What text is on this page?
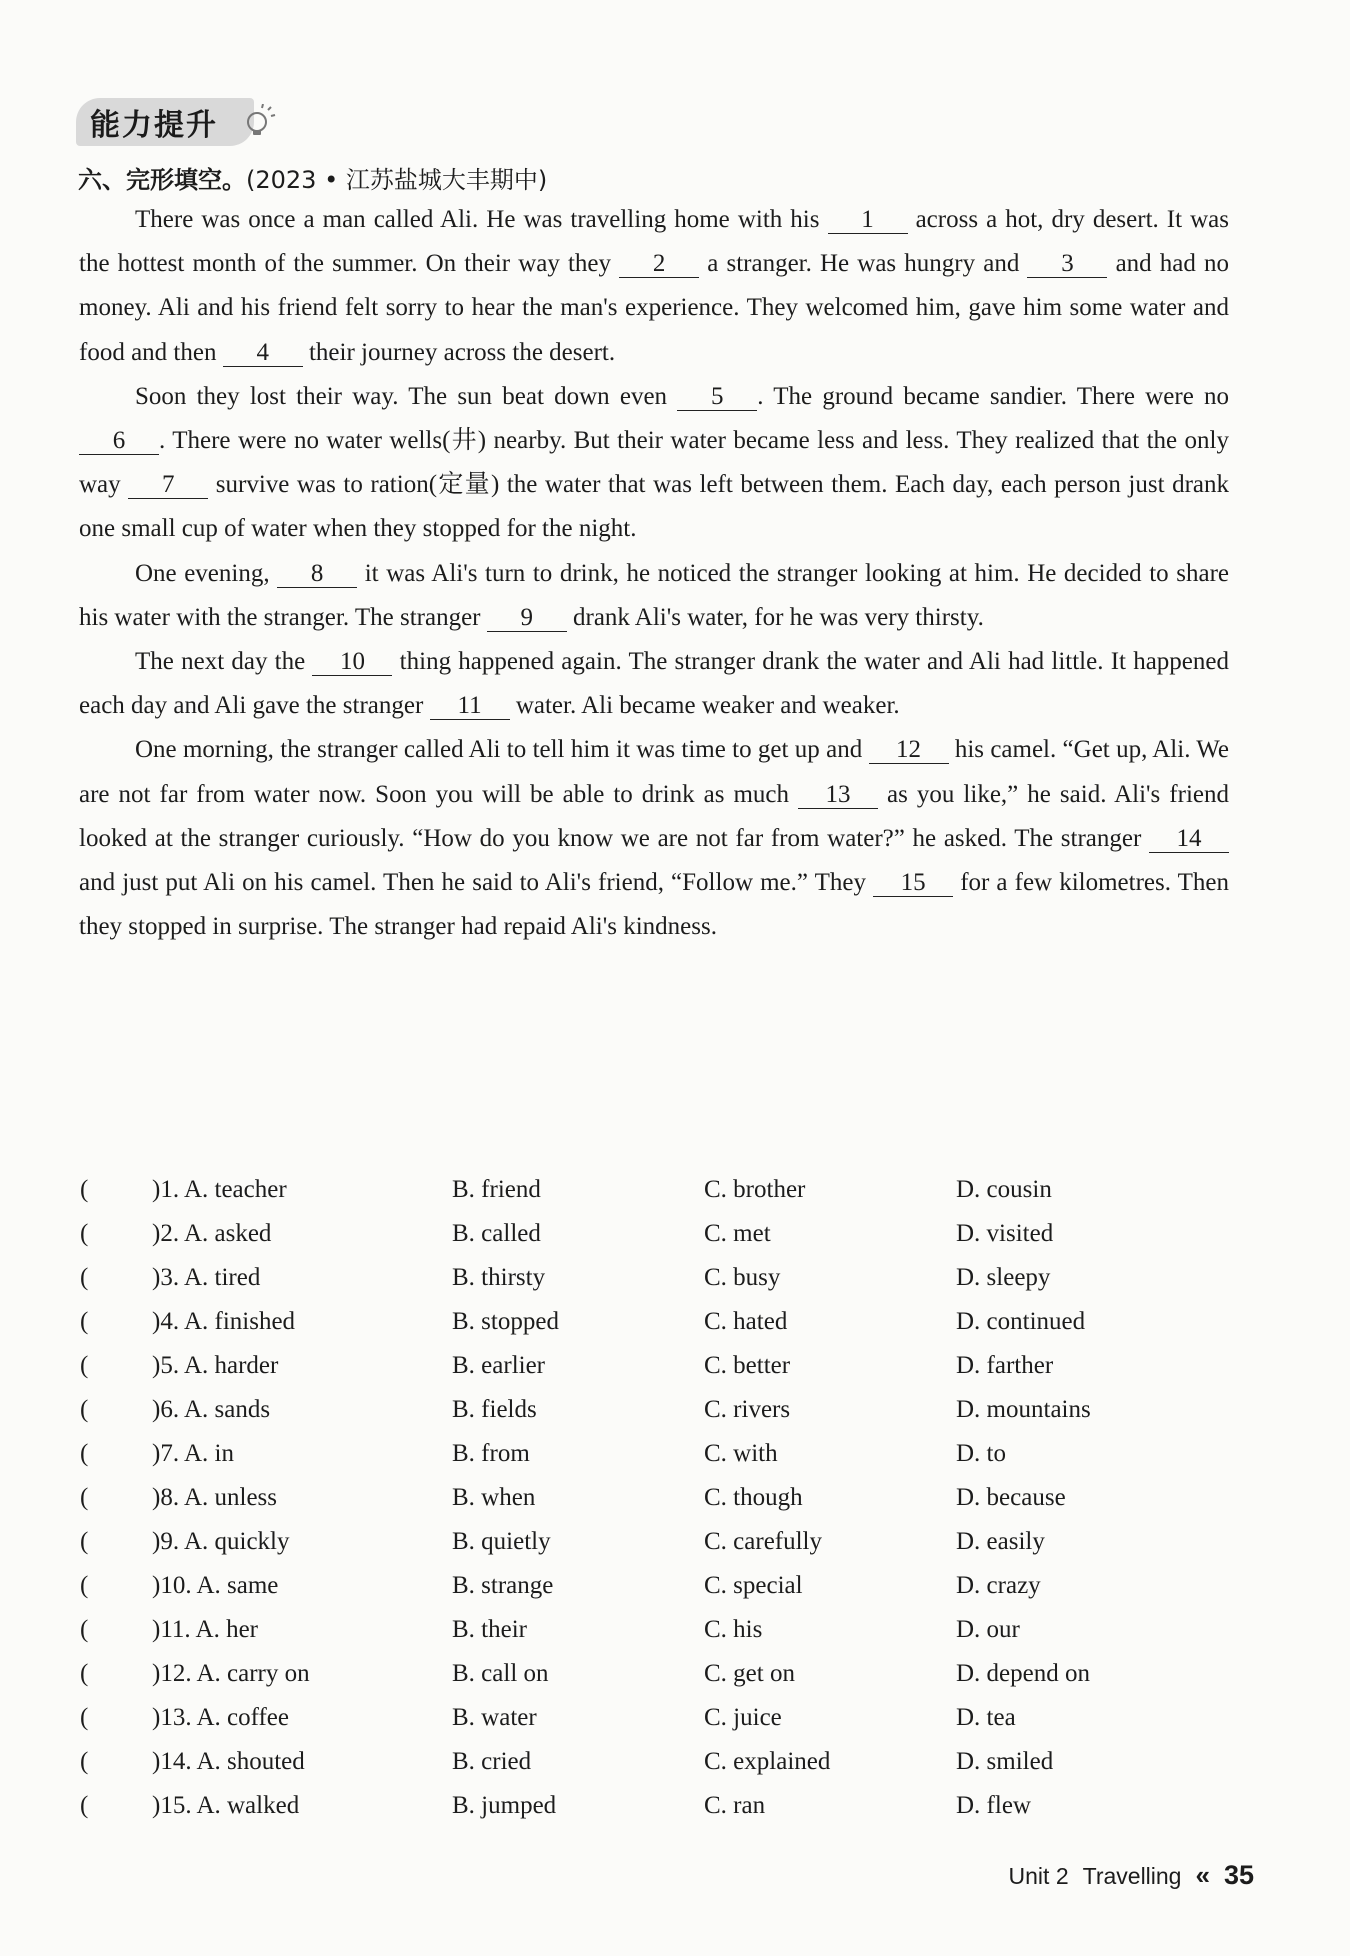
能力提升
六、完形填空。(2023 • 江苏盐城大丰期中)

There was once a man called Ali. He was travelling home with his 1 across a hot, dry desert. It was the hottest month of the summer. On their way they 2 a stranger. He was hungry and 3 and had no money. Ali and his friend felt sorry to hear the man's experience. They welcomed him, gave him some water and food and then 4 their journey across the desert.

Soon they lost their way. The sun beat down even 5 . The ground became sandier. There were no 6 . There were no water wells(井) nearby. But their water became less and less. They realized that the only way 7 survive was to ration(定量) the water that was left between them. Each day, each person just drank one small cup of water when they stopped for the night.

One evening, 8 it was Ali's turn to drink, he noticed the stranger looking at him. He decided to share his water with the stranger. The stranger 9 drank Ali's water, for he was very thirsty.

The next day the 10 thing happened again. The stranger drank the water and Ali had little. It happened each day and Ali gave the stranger 11 water. Ali became weaker and weaker.

One morning, the stranger called Ali to tell him it was time to get up and 12 his camel. “Get up, Ali. We are not far from water now. Soon you will be able to drink as much 13 as you like,” he said. Ali's friend looked at the stranger curiously. “How do you know we are not far from water?” he asked. The stranger 14 and just put Ali on his camel. Then he said to Ali's friend, “Follow me.” They 15 for a few kilometres. Then they stopped in surprise. The stranger had repaid Ali's kindness.

(	)1. A. teacher	B. friend	C. brother	D. cousin
(	)2. A. asked	B. called	C. met	D. visited
(	)3. A. tired	B. thirsty	C. busy	D. sleepy
(	)4. A. finished	B. stopped	C. hated	D. continued
(	)5. A. harder	B. earlier	C. better	D. farther
(	)6. A. sands	B. fields	C. rivers	D. mountains
(	)7. A. in	B. from	C. with	D. to
(	)8. A. unless	B. when	C. though	D. because
(	)9. A. quickly	B. quietly	C. carefully	D. easily
(	)10. A. same	B. strange	C. special	D. crazy
(	)11. A. her	B. their	C. his	D. our
(	)12. A. carry on	B. call on	C. get on	D. depend on
(	)13. A. coffee	B. water	C. juice	D. tea
(	)14. A. shouted	B. cried	C. explained	D. smiled
(	)15. A. walked	B. jumped	C. ran	D. flew
Unit 2 Travelling « 35
